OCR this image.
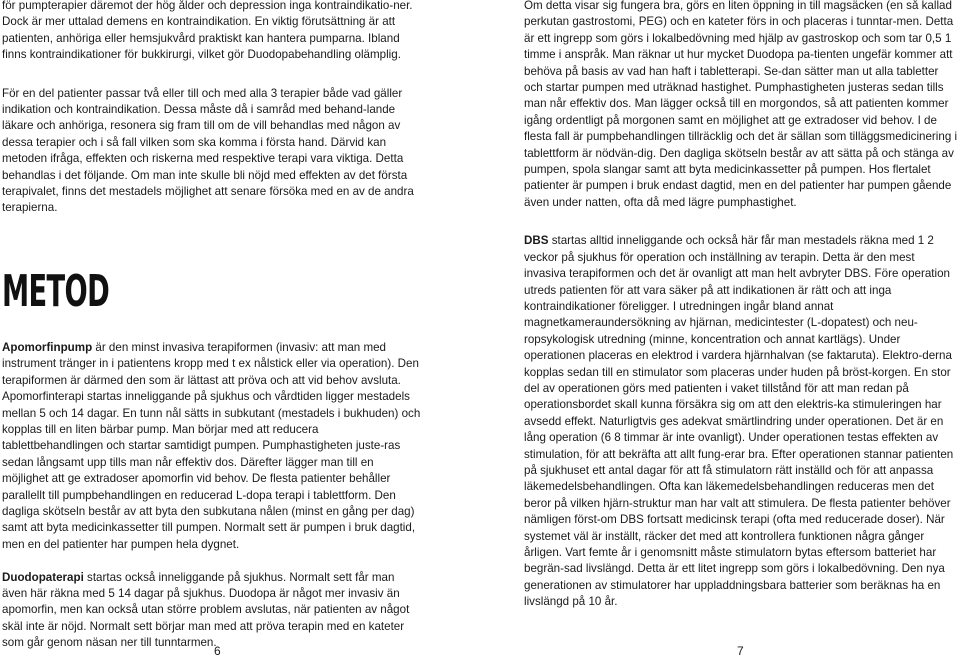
för pumpterapier däremot der hög ålder och depression inga kontraindikatio-ner. Dock är mer uttalad demens en kontraindikation. En viktig förutsättning är att patienten, anhöriga eller hemsjukvård praktiskt kan hantera pumparna. Ibland finns kontraindikationer för bukkirurgi, vilket gör Duodopabehandling olämplig.

För en del patienter passar två eller till och med alla 3 terapier både vad gäller indikation och kontraindikation. Dessa måste då i samråd med behand-lande läkare och anhöriga, resonera sig fram till om de vill behandlas med någon av dessa terapier och i så fall vilken som ska komma i första hand. Därvid kan metoden ifråga, effekten och riskerna med respektive terapi vara viktiga. Detta behandlas i det följande. Om man inte skulle bli nöjd med effekten av det första terapivalet, finns det mestadels möjlighet att senare försöka med en av de andra terapierna.

METOD

Apomorfinpump är den minst invasiva terapiformen (invasiv: att man med instrument tränger in i patientens kropp med t ex nålstick eller via operation). Den terapiformen är därmed den som är lättast att pröva och att vid behov avsluta. Apomorfinterapi startas inneliggande på sjukhus och vårdtiden ligger mestadels mellan 5 och 14 dagar. En tunn nål sätts in subkutant (mestadels i bukhuden) och kopplas till en liten bärbar pump. Man börjar med att reducera tablettbehandlingen och startar samtidigt pumpen. Pumphastigheten juste-ras sedan långsamt upp tills man når effektiv dos. Därefter lägger man till en möjlighet att ge extradoser apomorfin vid behov. De flesta patienter behåller parallellt till pumpbehandlingen en reducerad L-dopa terapi i tablettform. Den dagliga skötseln består av att byta den subkutana nålen (minst en gång per dag) samt att byta medicinkassetter till pumpen. Normalt sett är pumpen i bruk dagtid, men en del patienter har pumpen hela dygnet.

Duodopaterapi startas också inneliggande på sjukhus. Normalt sett får man även här räkna med 5 14 dagar på sjukhus. Duodopa är något mer invasiv än apomorfin, men kan också utan större problem avslutas, när patienten av något skäl inte är nöjd. Normalt sett börjar man med att pröva terapin med en kateter som går genom näsan ner till tunntarmen.

Om detta visar sig fungera bra, görs en liten öppning in till magsäcken (en så kallad perkutan gastrostomi, PEG) och en kateter förs in och placeras i tunntar-men. Detta är ett ingrepp som görs i lokalbedövning med hjälp av gastroskop och som tar 0,5 1 timme i anspråk. Man räknar ut hur mycket Duodopa pa-tienten ungefär kommer att behöva på basis av vad han haft i tabletterapi. Se-dan sätter man ut alla tabletter och startar pumpen med uträknad hastighet. Pumphastigheten justeras sedan tills man når effektiv dos. Man lägger också till en morgondos, så att patienten kommer igång ordentligt på morgonen samt en möjlighet att ge extradoser vid behov. I de flesta fall är pumpbehandlingen tillräcklig och det är sällan som tilläggsmedicinering i tablettform är nödvän-dig. Den dagliga skötseln består av att sätta på och stänga av pumpen, spola slangar samt att byta medicinkassetter på pumpen. Hos flertalet patienter är pumpen i bruk endast dagtid, men en del patienter har pumpen gående även under natten, ofta då med lägre pumphastighet.

DBS startas alltid inneliggande och också här får man mestadels räkna med 1 2 veckor på sjukhus för operation och inställning av terapin. Detta är den mest invasiva terapiformen och det är ovanligt att man helt avbryter DBS. Före operation utreds patienten för att vara säker på att indikationen är rätt och att inga kontraindikationer föreligger. I utredningen ingår bland annat magnetkameraundersökning av hjärnan, medicintester (L-dopatest) och neu-ropsykologisk utredning (minne, koncentration och annat kartlägs). Under operationen placeras en elektrod i vardera hjärnhalvan (se faktaruta). Elektro-derna kopplas sedan till en stimulator som placeras under huden på bröst-korgen. En stor del av operationen görs med patienten i vaket tillstånd för att man redan på operationsbordet skall kunna försäkra sig om att den elektris-ka stimuleringen har avsedd effekt. Naturligtvis ges adekvat smärtlindring under operationen. Det är en lång operation (6 8 timmar är inte ovanligt). Under operationen testas effekten av stimulation, för att bekräfta att allt fung-erar bra. Efter operationen stannar patienten på sjukhuset ett antal dagar för att få stimulatorn rätt inställd och för att anpassa läkemedelsbehandlingen. Ofta kan läkemedelsbehandlingen reduceras men det beror på vilken hjärn-struktur man har valt att stimulera. De flesta patienter behöver nämligen först-om DBS fortsatt medicinsk terapi (ofta med reducerade doser). När systemet väl är inställt, räcker det med att kontrollera funktionen några gånger årligen. Vart femte år i genomsnitt måste stimulatorn bytas eftersom batteriet har begrän-sad livslängd. Detta är ett litet ingrepp som görs i lokalbedövning. Den nya generationen av stimulatorer har uppladdningsbara batterier som beräknas ha en livslängd på 10 år.

6	7
